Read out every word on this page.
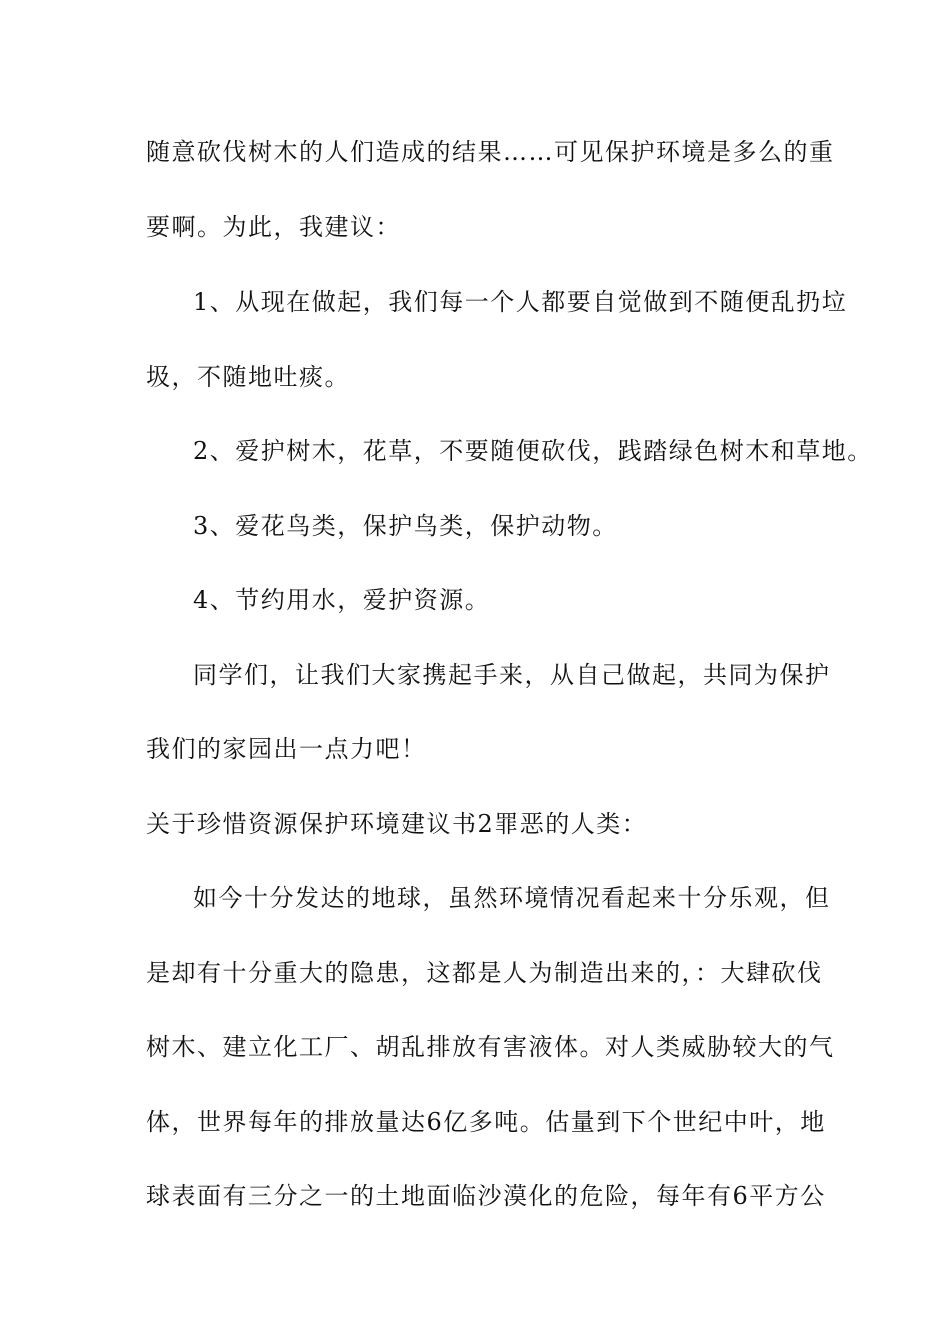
随意砍伐树木的人们造成的结果……可见保护环境是多么的重

要啊。为此，我建议：

1、从现在做起，我们每一个人都要自觉做到不随便乱扔垃

圾，不随地吐痰。

2、爱护树木，花草，不要随便砍伐，践踏绿色树木和草地。

3、爱花鸟类，保护鸟类，保护动物。

4、节约用水，爱护资源。

同学们，让我们大家携起手来，从自己做起，共同为保护

我们的家园出一点力吧！

关于珍惜资源保护环境建议书2罪恶的人类：

如今十分发达的地球，虽然环境情况看起来十分乐观，但

是却有十分重大的隐患，这都是人为制造出来的，：大肆砍伐

树木、建立化工厂、胡乱排放有害液体。对人类威胁较大的气

体，世界每年的排放量达6亿多吨。估量到下个世纪中叶，地

球表面有三分之一的土地面临沙漠化的危险，每年有6平方公
